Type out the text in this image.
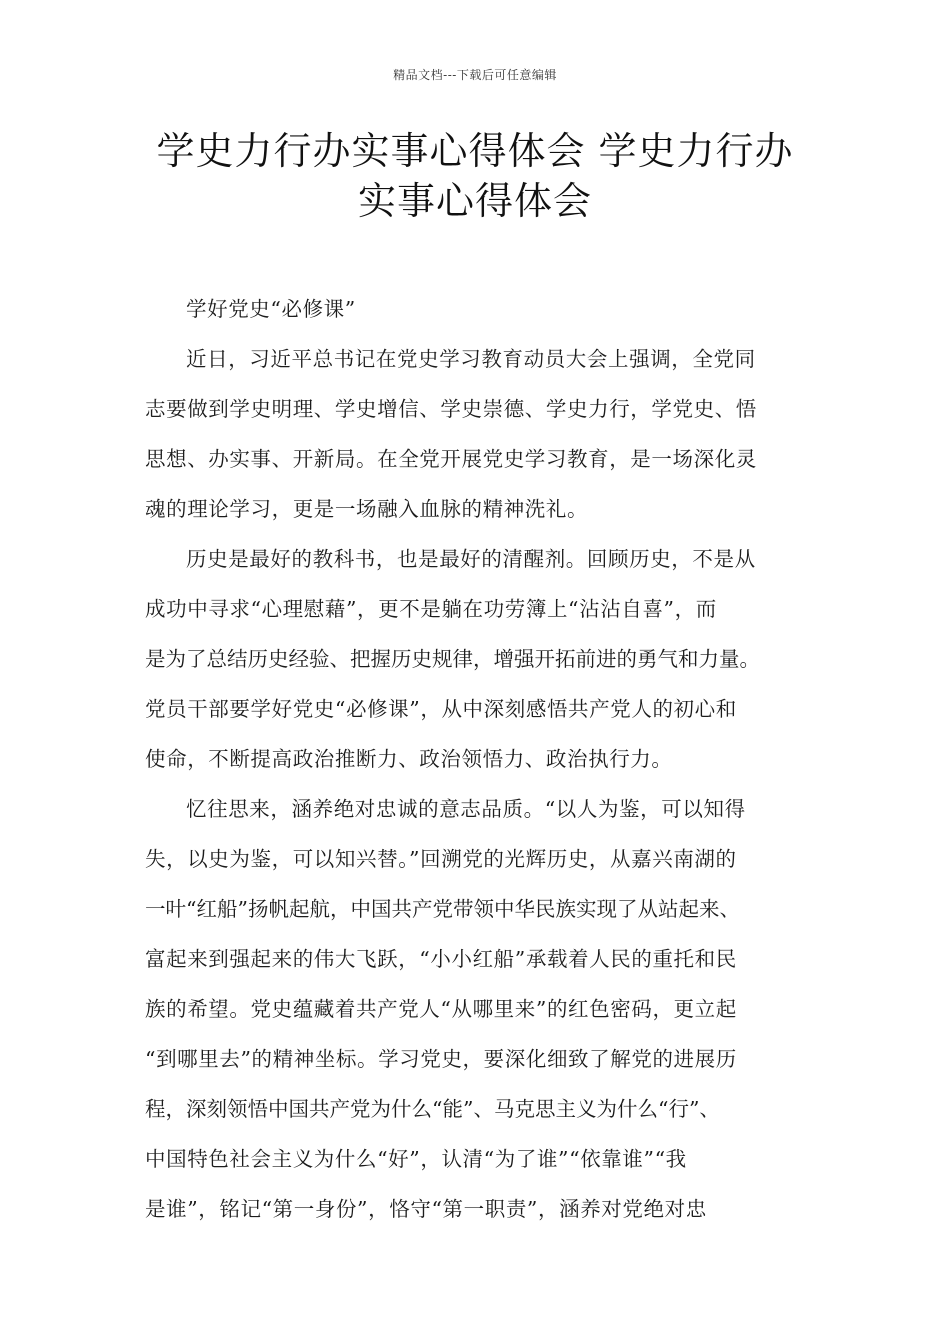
精品文档---下载后可任意编辑
学史力行办实事心得体会 学史力行办
实事心得体会

学好党史“必修课”

近日，习近平总书记在党史学习教育动员大会上强调，全党同
志要做到学史明理、学史增信、学史崇德、学史力行，学党史、悟
思想、办实事、开新局。在全党开展党史学习教育，是一场深化灵
魂的理论学习，更是一场融入血脉的精神洗礼。

历史是最好的教科书，也是最好的清醒剂。回顾历史，不是从
成功中寻求“心理慰藉”，更不是躺在功劳簿上“沾沾自喜”，而
是为了总结历史经验、把握历史规律，增强开拓前进的勇气和力量。
党员干部要学好党史“必修课”，从中深刻感悟共产党人的初心和
使命，不断提高政治推断力、政治领悟力、政治执行力。

忆往思来，涵养绝对忠诚的意志品质。“以人为鉴，可以知得
失，以史为鉴，可以知兴替。”回溯党的光辉历史，从嘉兴南湖的
一叶“红船”扬帆起航，中国共产党带领中华民族实现了从站起来、
富起来到强起来的伟大飞跃，“小小红船”承载着人民的重托和民
族的希望。党史蕴藏着共产党人“从哪里来”的红色密码，更立起
“到哪里去”的精神坐标。学习党史，要深化细致了解党的进展历
程，深刻领悟中国共产党为什么“能”、马克思主义为什么“行”、
中国特色社会主义为什么“好”，认清“为了谁”“依靠谁”“我
是谁”，铭记“第一身份”，恪守“第一职责”，涵养对党绝对忠
